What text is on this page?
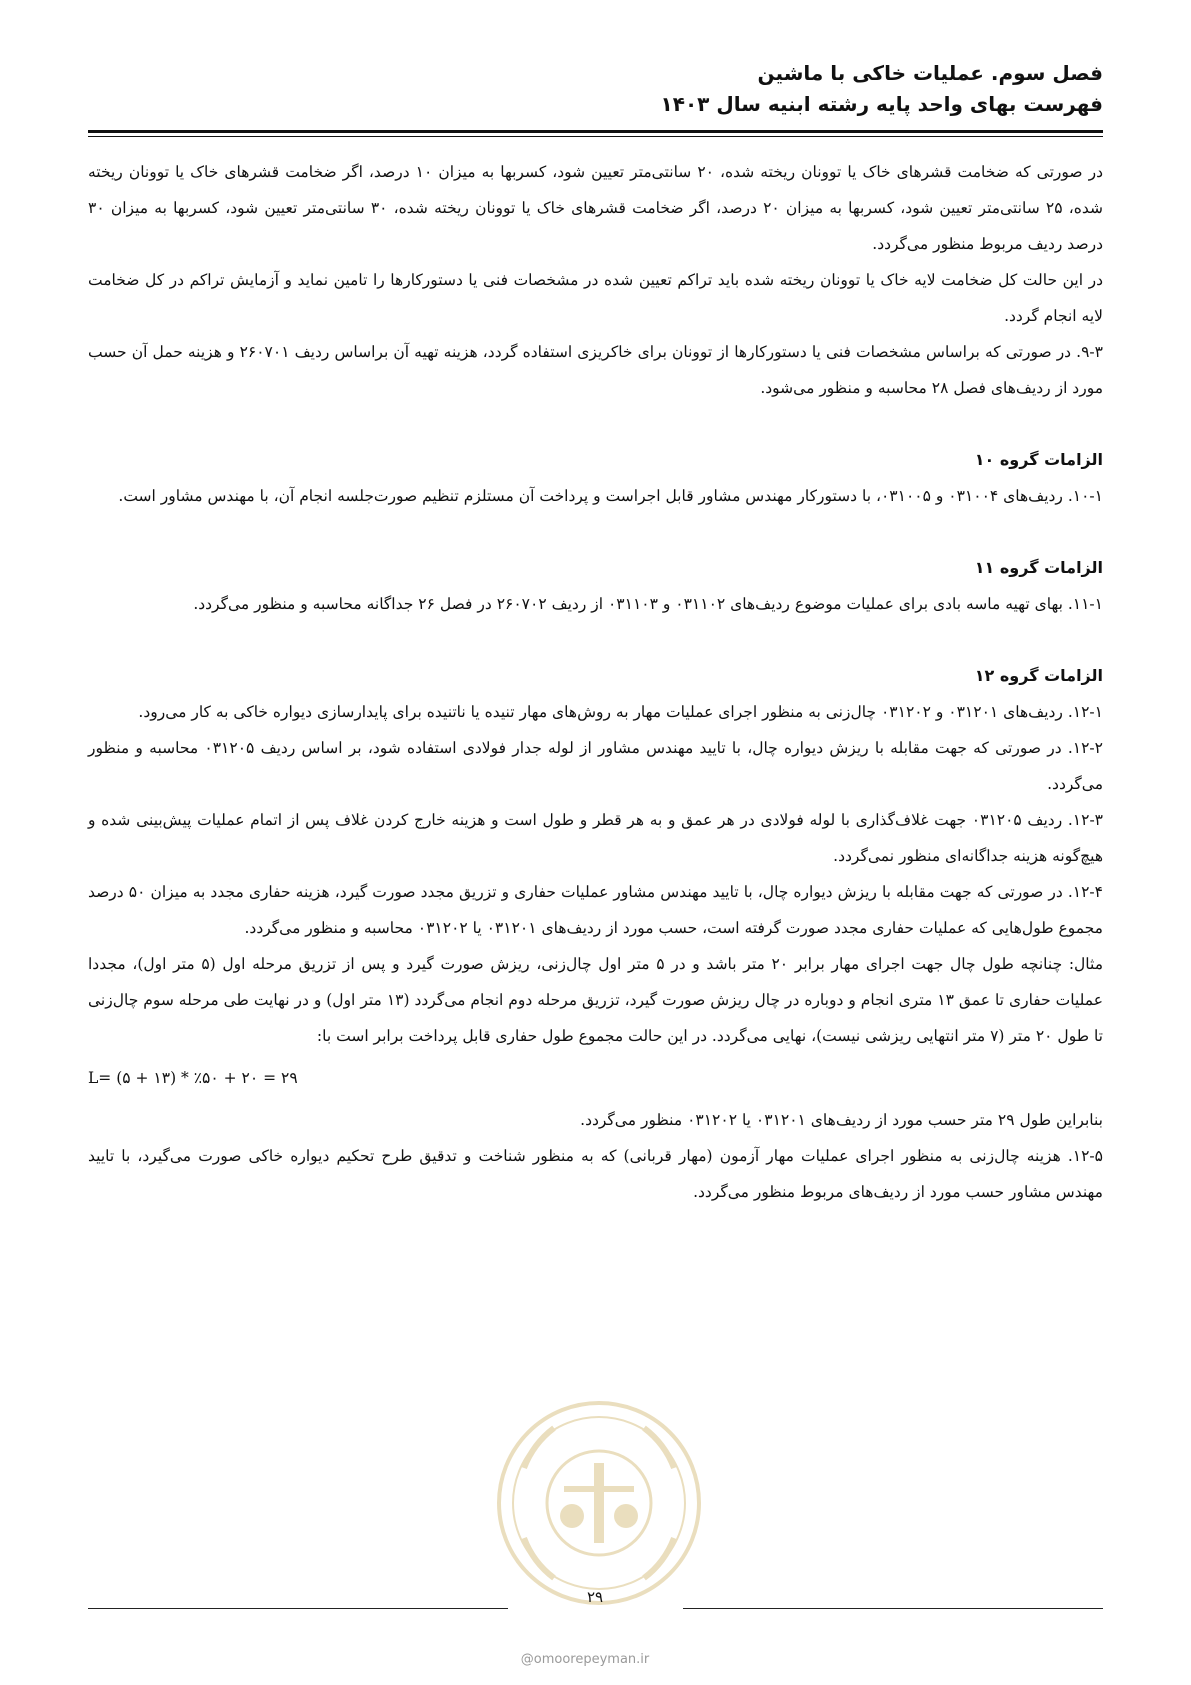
فصل سوم. عملیات خاکی با ماشین
فهرست بهای واحد پایه رشته ابنیه سال ۱۴۰۳

در صورتی که ضخامت قشرهای خاک یا توونان ریخته شده، ۲۰ سانتی‌متر تعیین شود، کسربها به میزان ۱۰ درصد، اگر ضخامت قشرهای خاک یا توونان ریخته شده، ۲۵ سانتی‌متر تعیین شود، کسربها به میزان ۲۰ درصد، اگر ضخامت قشرهای خاک یا توونان ریخته شده، ۳۰ سانتی‌متر تعیین شود، کسربها به میزان ۳۰ درصد ردیف مربوط منظور می‌گردد.

در این حالت کل ضخامت لایه خاک یا توونان ریخته شده باید تراکم تعیین شده در مشخصات فنی یا دستورکارها را تامین نماید و آزمایش تراکم در کل ضخامت لایه انجام گردد.

۹-۳. در صورتی که براساس مشخصات فنی یا دستورکارها از توونان برای خاکریزی استفاده گردد، هزینه تهیه آن براساس ردیف ۲۶۰۷۰۱ و هزینه حمل آن حسب مورد از ردیف‌های فصل ۲۸ محاسبه و منظور می‌شود.

الزامات گروه ۱۰

۱۰-۱. ردیف‌های ۰۳۱۰۰۴ و ۰۳۱۰۰۵، با دستورکار مهندس مشاور قابل اجراست و پرداخت آن مستلزم تنظیم صورت‌جلسه انجام آن، با مهندس مشاور است.

الزامات گروه ۱۱

۱۱-۱. بهای تهیه ماسه بادی برای عملیات موضوع ردیف‌های ۰۳۱۱۰۲ و ۰۳۱۱۰۳ از ردیف ۲۶۰۷۰۲ در فصل ۲۶ جداگانه محاسبه و منظور می‌گردد.

الزامات گروه ۱۲

۱۲-۱. ردیف‌های ۰۳۱۲۰۱ و ۰۳۱۲۰۲ چال‌زنی به منظور اجرای عملیات مهار به روش‌های مهار تنیده یا ناتنیده برای پایدارسازی دیواره خاکی به کار می‌رود.

۱۲-۲. در صورتی که جهت مقابله با ریزش دیواره چال، با تایید مهندس مشاور از لوله جدار فولادی استفاده شود، بر اساس ردیف ۰۳۱۲۰۵ محاسبه و منظور می‌گردد.

۱۲-۳. ردیف ۰۳۱۲۰۵ جهت غلاف‌گذاری با لوله فولادی در هر عمق و به هر قطر و طول است و هزینه خارج کردن غلاف پس از اتمام عملیات پیش‌بینی شده و هیچ‌گونه هزینه جداگانه‌ای منظور نمی‌گردد.

۱۲-۴. در صورتی که جهت مقابله با ریزش دیواره چال، با تایید مهندس مشاور عملیات حفاری و تزریق مجدد صورت گیرد، هزینه حفاری مجدد به میزان ۵۰ درصد مجموع طول‌هایی که عملیات حفاری مجدد صورت گرفته است، حسب مورد از ردیف‌های ۰۳۱۲۰۱ یا ۰۳۱۲۰۲ محاسبه و منظور می‌گردد.

مثال: چنانچه طول چال جهت اجرای مهار برابر ۲۰ متر باشد و در ۵ متر اول چال‌زنی، ریزش صورت گیرد و پس از تزریق مرحله اول (۵ متر اول)، مجددا عملیات حفاری تا عمق ۱۳ متری انجام و دوباره در چال ریزش صورت گیرد، تزریق مرحله دوم انجام می‌گردد (۱۳ متر اول) و در نهایت طی مرحله سوم چال‌زنی تا طول ۲۰ متر (۷ متر انتهایی ریزشی نیست)، نهایی می‌گردد. در این حالت مجموع طول حفاری قابل پرداخت برابر است با:

L= (۵ + ۱۳) * ٪۵۰ + ۲۰ = ۲۹

بنابراین طول ۲۹ متر حسب مورد از ردیف‌های ۰۳۱۲۰۱ یا ۰۳۱۲۰۲ منظور می‌گردد.

۱۲-۵. هزینه چال‌زنی به منظور اجرای عملیات مهار آزمون (مهار قربانی) که به منظور شناخت و تدقیق طرح تحکیم دیواره خاکی صورت می‌گیرد، با تایید مهندس مشاور حسب مورد از ردیف‌های مربوط منظور می‌گردد.

۲۹
@omoorepeyman.ir
